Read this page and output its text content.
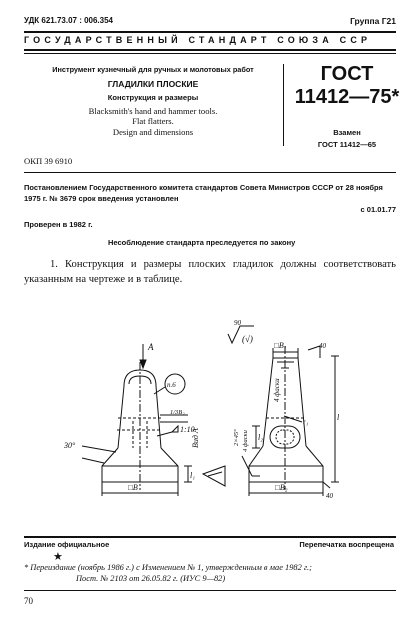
УДК 621.73.07 : 006.354	Группа Г21
ГОСУДАРСТВЕННЫЙ СТАНДАРТ СОЮЗА ССР
Инструмент кузнечный для ручных и молотовых работ
ГЛАДИЛКИ ПЛОСКИЕ
Конструкция и размеры
Blacksmith's hand and hammer tools.
Flat flatters.
Design and dimensions
ГОСТ
11412—75*
Взамен
ГОСТ 11412—65
ОКП 39 6910
Постановлением Государственного комитета стандартов Совета Министров СССР от 28 ноября 1975 г. № 3679 срок введения установлен
с 01.01.77
Проверен в 1982 г.
Несоблюдение стандарта преследуется по закону
1. Конструкция и размеры плоских гладилок должны соответствовать указанным на чертеже и в таблице.
90
(√)
A
п.6
1/3B₂
1:10
30°
l₁
□B
Вид А
□B₁
r₁
4 фаски
2×45° 4 фаски l₂
l
40
40
□B₂
Издание официальное	Перепечатка воспрещена
★
* Переиздание (ноябрь 1986 г.) с Изменением № 1, утвержденным в мае 1982 г.;
Пост. № 2103 от 26.05.82 г. (ИУС 9—82)
70
